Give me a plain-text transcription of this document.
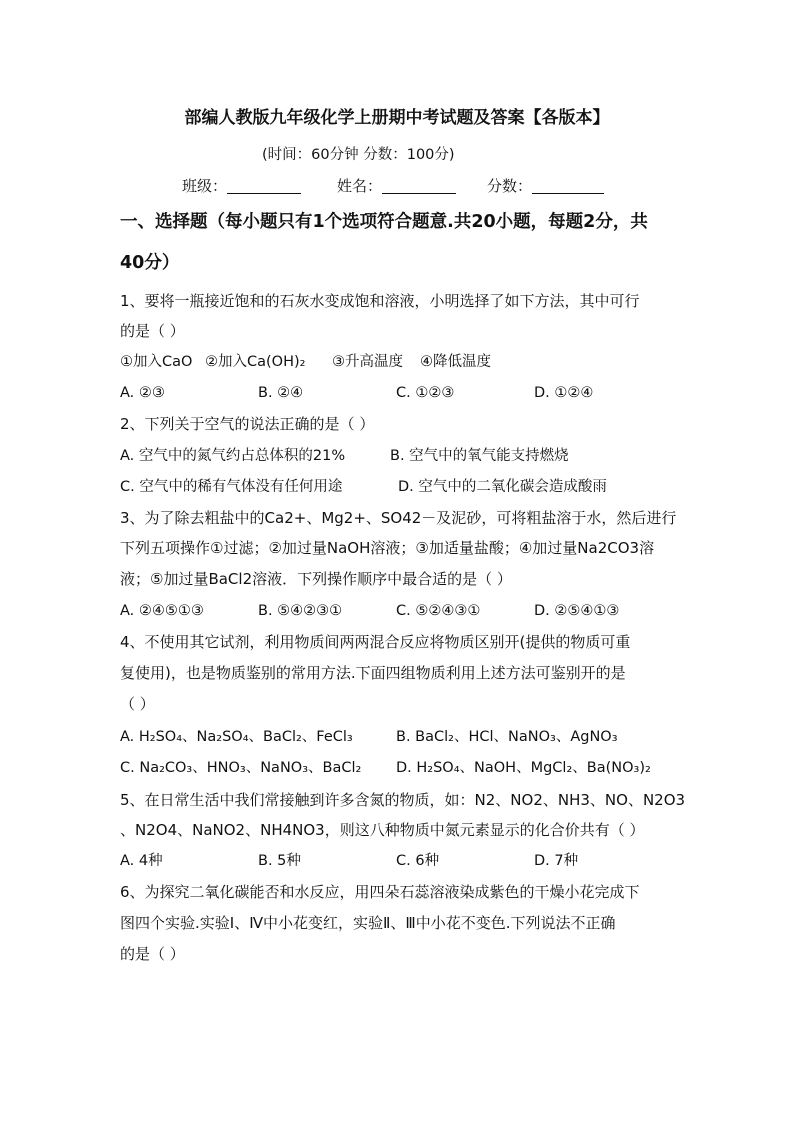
部编人教版九年级化学上册期中考试题及答案【各版本】
(时间：60分钟 分数：100分)
班级：	姓名：	分数：
一、选择题（每小题只有1个选项符合题意.共20小题，每题2分，共
40分）
1、要将一瓶接近饱和的石灰水变成饱和溶液，小明选择了如下方法，其中可行
的是（ ）
①加入CaO ②加入Ca(OH)₂ ③升高温度 ④降低温度
A. ②③	B. ②④	C. ①②③	D. ①②④
2、下列关于空气的说法正确的是（ ）
A. 空气中的氮气约占总体积的21%	B. 空气中的氧气能支持燃烧
C. 空气中的稀有气体没有任何用途	D. 空气中的二氧化碳会造成酸雨
3、为了除去粗盐中的Ca2+、Mg2+、SO42－及泥砂，可将粗盐溶于水，然后进行
下列五项操作①过滤；②加过量NaOH溶液；③加适量盐酸；④加过量Na2CO3溶
液；⑤加过量BaCl2溶液．下列操作顺序中最合适的是（ ）
A. ②④⑤①③	B. ⑤④②③①	C. ⑤②④③①	D. ②⑤④①③
4、不使用其它试剂，利用物质间两两混合反应将物质区别开(提供的物质可重
复使用)，也是物质鉴别的常用方法.下面四组物质利用上述方法可鉴别开的是
（ ）
A. H₂SO₄、Na₂SO₄、BaCl₂、FeCl₃	B. BaCl₂、HCl、NaNO₃、AgNO₃
C. Na₂CO₃、HNO₃、NaNO₃、BaCl₂ D. H₂SO₄、NaOH、MgCl₂、Ba(NO₃)₂
5、在日常生活中我们常接触到许多含氮的物质，如：N2、NO2、NH3、NO、N2O3
、N2O4、NaNO2、NH4NO3，则这八种物质中氮元素显示的化合价共有（ ）
A. 4种	B. 5种	C. 6种	D. 7种
6、为探究二氧化碳能否和水反应，用四朵石蕊溶液染成紫色的干燥小花完成下
图四个实验.实验Ⅰ、Ⅳ中小花变红，实验Ⅱ、Ⅲ中小花不变色.下列说法不正确
的是（ ）
